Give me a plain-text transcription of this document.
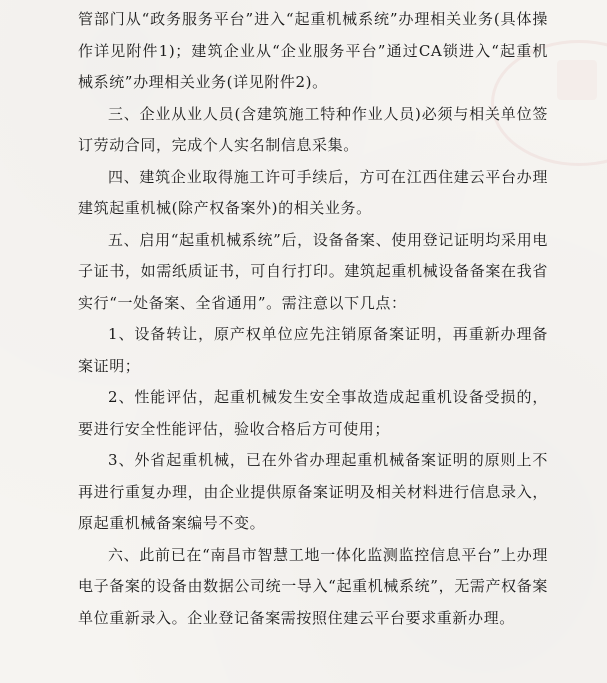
管部门从“政务服务平台”进入“起重机械系统”办理相关业务(具体操作详见附件1)；建筑企业从“企业服务平台”通过CA锁进入“起重机械系统”办理相关业务(详见附件2)。

三、企业从业人员(含建筑施工特种作业人员)必须与相关单位签订劳动合同，完成个人实名制信息采集。

四、建筑企业取得施工许可手续后，方可在江西住建云平台办理建筑起重机械(除产权备案外)的相关业务。

五、启用“起重机械系统”后，设备备案、使用登记证明均采用电子证书，如需纸质证书，可自行打印。建筑起重机械设备备案在我省实行“一处备案、全省通用”。需注意以下几点：

1、设备转让，原产权单位应先注销原备案证明，再重新办理备案证明；

2、性能评估，起重机械发生安全事故造成起重机设备受损的，要进行安全性能评估，验收合格后方可使用；

3、外省起重机械，已在外省办理起重机械备案证明的原则上不再进行重复办理，由企业提供原备案证明及相关材料进行信息录入，原起重机械备案编号不变。

六、此前已在“南昌市智慧工地一体化监测监控信息平台”上办理电子备案的设备由数据公司统一导入“起重机械系统”，无需产权备案单位重新录入。企业登记备案需按照住建云平台要求重新办理。
